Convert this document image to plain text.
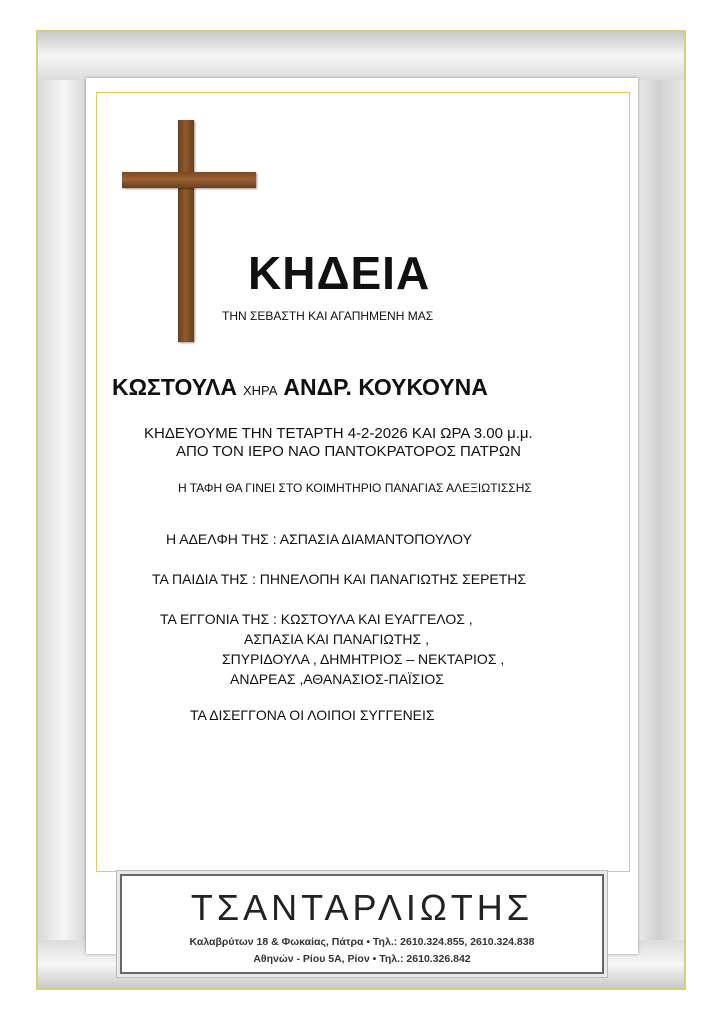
ΚΗΔΕΙΑ

ΤΗΝ ΣΕΒΑΣΤΗ ΚΑΙ ΑΓΑΠΗΜΕΝΗ ΜΑΣ

ΚΩΣΤΟΥΛΑ ΧΗΡΑ ΑΝΔΡ. ΚΟΥΚΟΥΝΑ

ΚΗΔΕΥΟΥΜΕ ΤΗΝ ΤΕΤΑΡΤΗ 4-2-2026 ΚΑΙ ΩΡΑ 3.00 μ.μ.

ΑΠΟ ΤΟΝ ΙΕΡΟ ΝΑΟ ΠΑΝΤΟΚΡΑΤΟΡΟΣ ΠΑΤΡΩΝ

Η ΤΑΦΗ ΘΑ ΓΙΝΕΙ ΣΤΟ ΚΟΙΜΗΤΗΡΙΟ ΠΑΝΑΓΙΑΣ ΑΛΕΞΙΩΤΙΣΣΗΣ

Η ΑΔΕΛΦΗ ΤΗΣ : ΑΣΠΑΣΙΑ ΔΙΑΜΑΝΤΟΠΟΥΛΟΥ

ΤΑ ΠΑΙΔΙΑ ΤΗΣ : ΠΗΝΕΛΟΠΗ ΚΑΙ ΠΑΝΑΓΙΩΤΗΣ ΣΕΡΕΤΗΣ

ΤΑ ΕΓΓΟΝΙΑ ΤΗΣ : ΚΩΣΤΟΥΛΑ ΚΑΙ ΕΥΑΓΓΕΛΟΣ ,

ΑΣΠΑΣΙΑ ΚΑΙ ΠΑΝΑΓΙΩΤΗΣ ,

ΣΠΥΡΙΔΟΥΛΑ , ΔΗΜΗΤΡΙΟΣ – ΝΕΚΤΑΡΙΟΣ ,

ΑΝΔΡΕΑΣ ,ΑΘΑΝΑΣΙΟΣ-ΠΑΪΣΙΟΣ

ΤΑ ΔΙΣΕΓΓΟΝΑ ΟΙ ΛΟΙΠΟΙ ΣΥΓΓΕΝΕΙΣ

ΤΣΑΝΤΑΡΛΙΩΤΗΣ

Καλαβρύτων 18 & Φωκαίας, Πάτρα • Τηλ.: 2610.324.855, 2610.324.838

Αθηνών - Ρίου 5Α, Ρίον • Τηλ.: 2610.326.842
